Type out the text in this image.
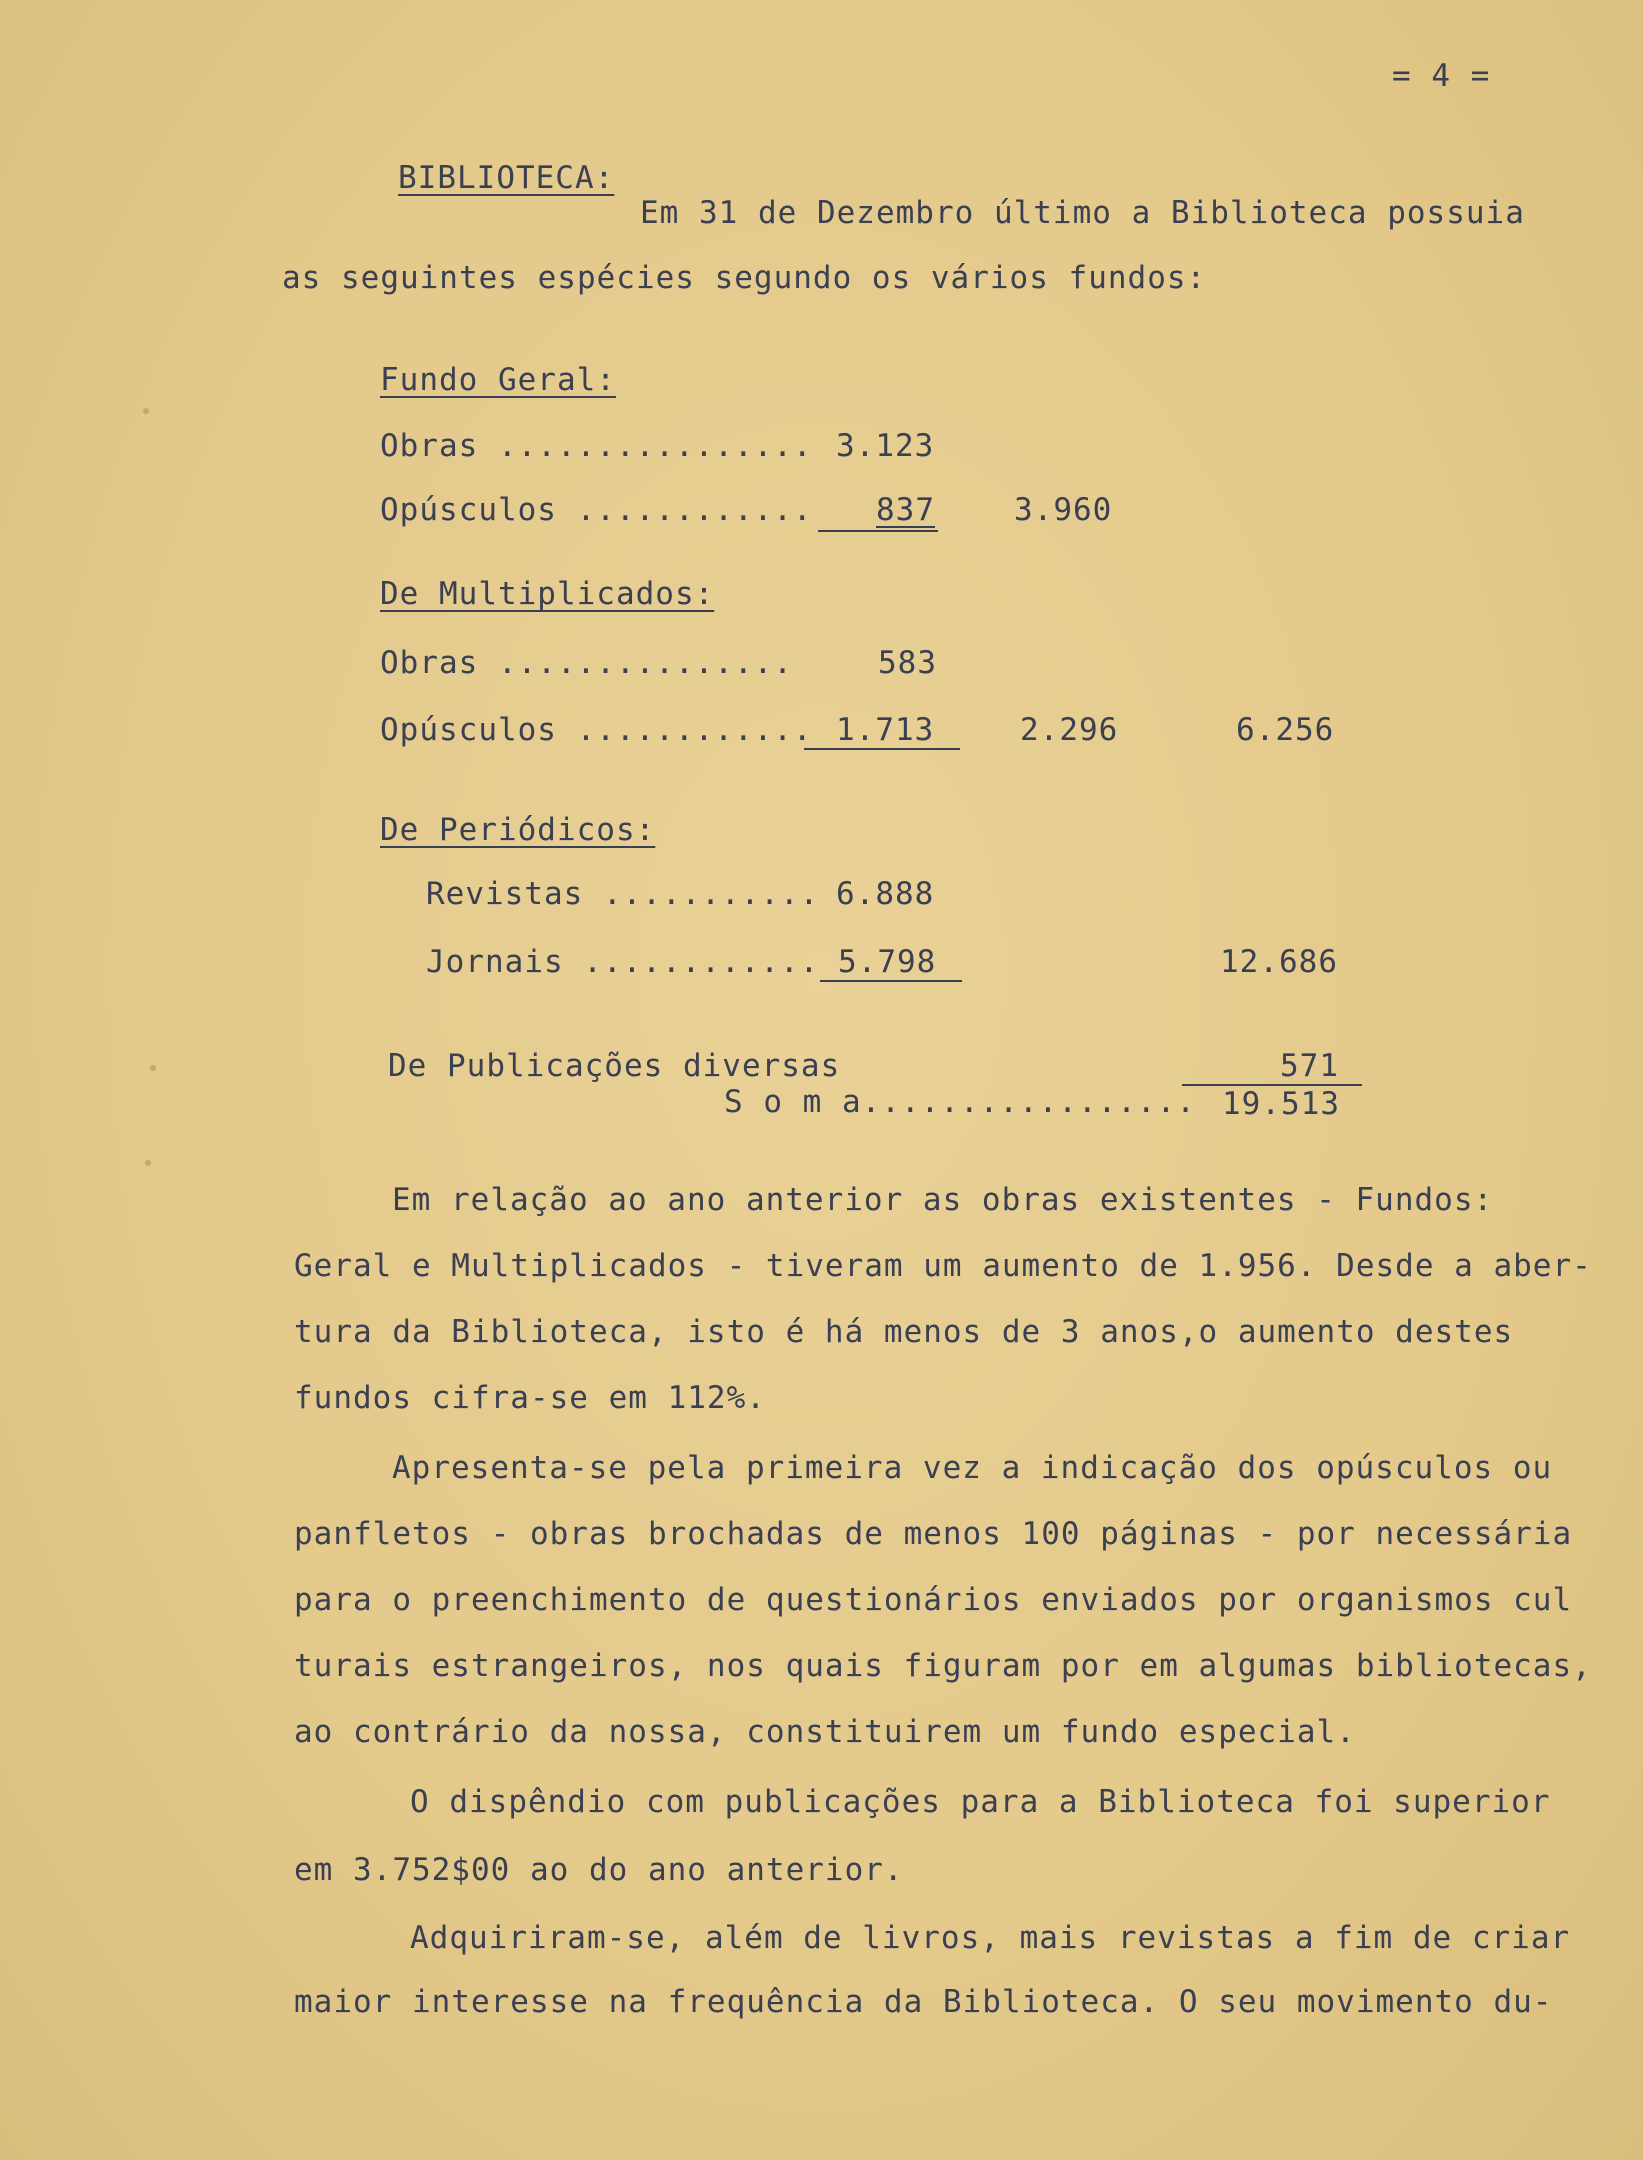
= 4 =
BIBLIOTECA:
Em 31 de Dezembro último a Biblioteca possuia
as seguintes espécies segundo os vários fundos:
Fundo Geral:
Obras ................ 3.123
Opúsculos ............ 837	3.960
De Multiplicados:
Obras ...............	583
Opúsculos ............ 1.713	2.296	6.256
De Periódicos:
Revistas ........... 6.888
Jornais ............ 5.798	12.686
De Publicações diversas	571
S o m a................. 19.513
Em relação ao ano anterior as obras existentes - Fundos:
Geral e Multiplicados - tiveram um aumento de 1.956. Desde a aber-
tura da Biblioteca, isto é há menos de 3 anos,o aumento destes
fundos cifra-se em 112%.
Apresenta-se pela primeira vez a indicação dos opúsculos ou
panfletos - obras brochadas de menos 100 páginas - por necessária
para o preenchimento de questionários enviados por organismos cul
turais estrangeiros, nos quais figuram por em algumas bibliotecas,
ao contrário da nossa, constituirem um fundo especial.
O dispêndio com publicações para a Biblioteca foi superior
em 3.752$00 ao do ano anterior.
Adquiriram-se, além de livros, mais revistas a fim de criar
maior interesse na frequência da Biblioteca. O seu movimento du-
